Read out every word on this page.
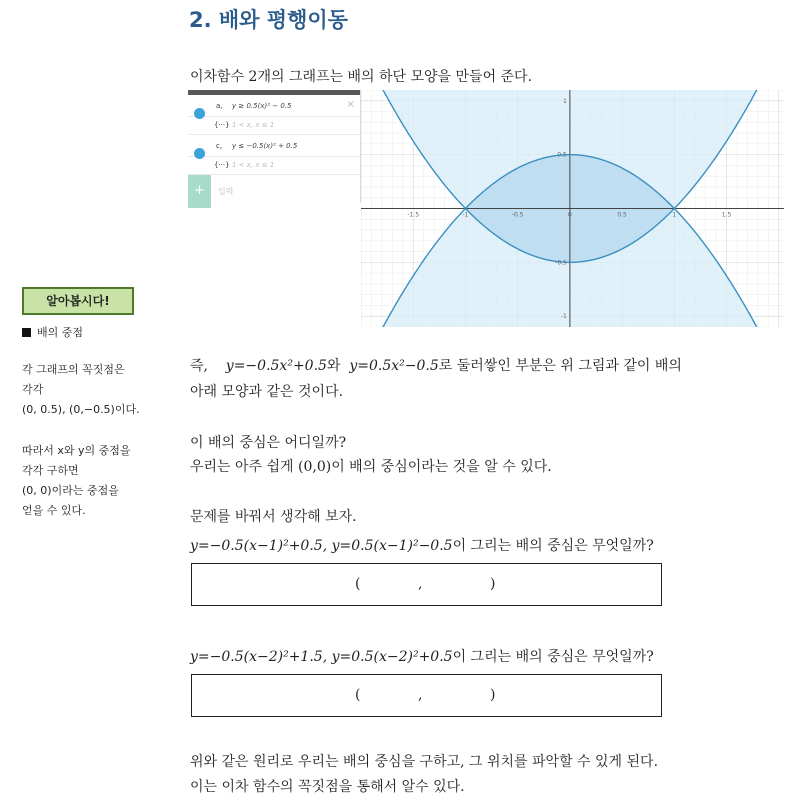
2. 배와 평행이동
이차함수 2개의 그래프는 배의 하단 모양을 만들어 준다.
a, y ≥ 0.5(x)² − 0.5	×
{···} 1 < x, x ≤ 1
c, y ≤ −0.5(x)² + 0.5
{···} 1 < x, x ≤ 1
+	입력
-1.5	-1	-0.5	0	0.5	1	1.5
1
0.5
-0.5
-1
알아봅시다!
배의 중점
각 그래프의 꼭짓점은
각각
(0, 0.5), (0,−0.5)이다.
따라서 x와 y의 중점을
각각 구하면
(0, 0)이라는 중점을
얻을 수 있다.
즉, y=−0.5x²+0.5와 y=0.5x²−0.5로 둘러쌓인 부분은 위 그림과 같이 배의
아래 모양과 같은 것이다.
이 배의 중심은 어디일까?
우리는 아주 쉽게 (0,0)이 배의 중심이라는 것을 알 수 있다.
문제를 바꿔서 생각해 보자.
y=−0.5(x−1)²+0.5, y=0.5(x−1)²−0.5이 그리는 배의 중심은 무엇일까?
(	,	)
y=−0.5(x−2)²+1.5, y=0.5(x−2)²+0.5이 그리는 배의 중심은 무엇일까?
(	,	)
위와 같은 원리로 우리는 배의 중심을 구하고, 그 위치를 파악할 수 있게 된다.
이는 이차 함수의 꼭짓점을 통해서 알수 있다.
